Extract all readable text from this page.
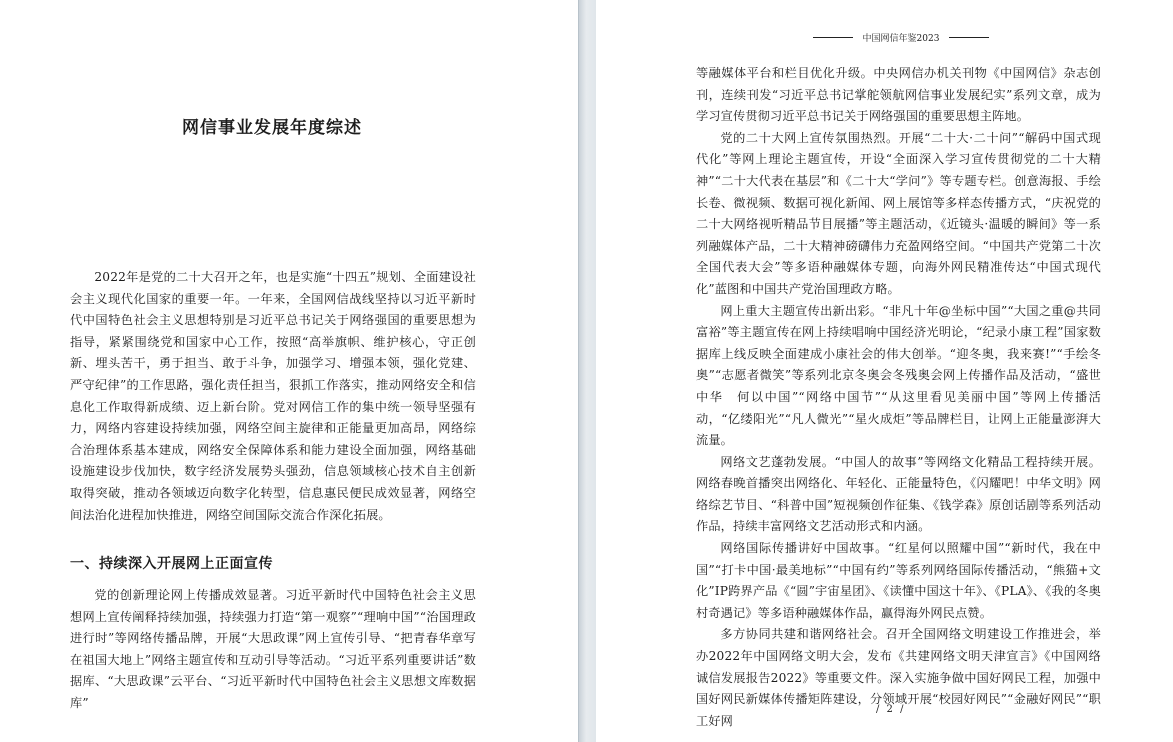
网信事业发展年度综述

2022年是党的二十大召开之年，也是实施“十四五”规划、全面建设社会主义现代化国家的重要一年。一年来，全国网信战线坚持以习近平新时代中国特色社会主义思想特别是习近平总书记关于网络强国的重要思想为指导，紧紧围绕党和国家中心工作，按照“高举旗帜、维护核心，守正创新、埋头苦干，勇于担当、敢于斗争，加强学习、增强本领，强化党建、严守纪律”的工作思路，强化责任担当，狠抓工作落实，推动网络安全和信息化工作取得新成绩、迈上新台阶。党对网信工作的集中统一领导坚强有力，网络内容建设持续加强，网络空间主旋律和正能量更加高昂，网络综合治理体系基本建成，网络安全保障体系和能力建设全面加强，网络基础设施建设步伐加快，数字经济发展势头强劲，信息领域核心技术自主创新取得突破，推动各领域迈向数字化转型，信息惠民便民成效显著，网络空间法治化进程加快推进，网络空间国际交流合作深化拓展。

一、持续深入开展网上正面宣传

党的创新理论网上传播成效显著。习近平新时代中国特色社会主义思想网上宣传阐释持续加强，持续强力打造“第一观察”“理响中国”“治国理政进行时”等网络传播品牌，开展“大思政课”网上宣传引导、“把青春华章写在祖国大地上”网络主题宣传和互动引导等活动。“习近平系列重要讲话”数据库、“大思政课”云平台、“习近平新时代中国特色社会主义思想文库数据库”

中国网信年鉴2023

等融媒体平台和栏目优化升级。中央网信办机关刊物《中国网信》杂志创刊，连续刊发“习近平总书记掌舵领航网信事业发展纪实”系列文章，成为学习宣传贯彻习近平总书记关于网络强国的重要思想主阵地。

党的二十大网上宣传氛围热烈。开展“二十大·二十问”“解码中国式现代化”等网上理论主题宣传，开设“全面深入学习宣传贯彻党的二十大精神”“二十大代表在基层”和《二十大“学问”》等专题专栏。创意海报、手绘长卷、微视频、数据可视化新闻、网上展馆等多样态传播方式，“庆祝党的二十大网络视听精品节目展播”等主题活动，《近镜头·温暖的瞬间》等一系列融媒体产品，二十大精神磅礴伟力充盈网络空间。“中国共产党第二十次全国代表大会”等多语种融媒体专题，向海外网民精准传达“中国式现代化”蓝图和中国共产党治国理政方略。

网上重大主题宣传出新出彩。“非凡十年@坐标中国”“大国之重@共同富裕”等主题宣传在网上持续唱响中国经济光明论，“纪录小康工程”国家数据库上线反映全面建成小康社会的伟大创举。“迎冬奥，我来赛!”“手绘冬奥”“志愿者微笑”等系列北京冬奥会冬残奥会网上传播作品及活动，“盛世中华　何以中国”“网络中国节”“从这里看见美丽中国”等网上传播活动，“亿缕阳光”“凡人微光”“星火成炬”等品牌栏目，让网上正能量澎湃大流量。

网络文艺蓬勃发展。“中国人的故事”等网络文化精品工程持续开展。网络春晚首播突出网络化、年轻化、正能量特色，《闪耀吧！中华文明》网络综艺节目、“科普中国”短视频创作征集、《钱学森》原创话剧等系列活动作品，持续丰富网络文艺活动形式和内涵。

网络国际传播讲好中国故事。“红星何以照耀中国”“新时代，我在中国”“打卡中国·最美地标”“中国有约”等系列网络国际传播活动，“熊猫+文化”IP跨界产品《“圆”宇宙星团》、《读懂中国这十年》、《PLA》、《我的冬奥村奇遇记》等多语种融媒体作品，赢得海外网民点赞。

多方协同共建和谐网络社会。召开全国网络文明建设工作推进会，举办2022年中国网络文明大会，发布《共建网络文明天津宣言》《中国网络诚信发展报告2022》等重要文件。深入实施争做中国好网民工程，加强中国好网民新媒体传播矩阵建设，分领域开展“校园好网民”“金融好网民”“职工好网

/ 2 /
